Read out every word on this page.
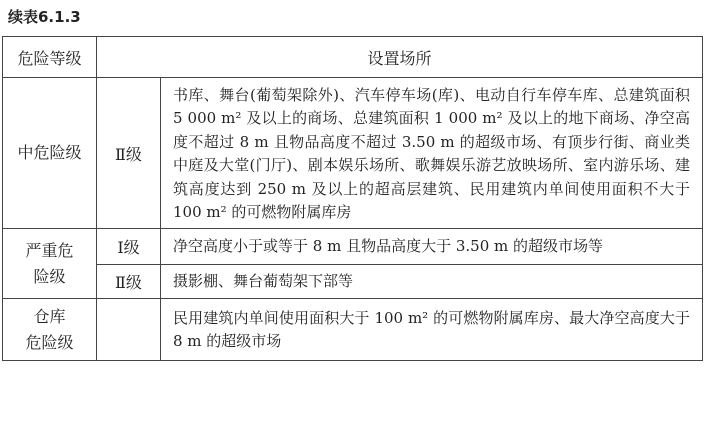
续表6.1.3
危险等级	设置场所	
中危险级	Ⅱ级	书库、舞台(葡萄架除外)、汽车停车场(库)、电动自行车停车库、总建筑面积 5 000 m² 及以上的商场、总建筑面积 1 000 m² 及以上的地下商场、净空高度不超过 8 m 且物品高度不超过 3.50 m 的超级市场、有顶步行街、商业类中庭及大堂(门厅)、剧本娱乐场所、歌舞娱乐游艺放映场所、室内游乐场、建筑高度达到 250 m 及以上的超高层建筑、民用建筑内单间使用面积不大于 100 m² 的可燃物附属库房

严重危
险级	Ⅰ级	净空高度小于或等于 8 m 且物品高度大于 3.50 m 的超级市场等
	Ⅱ级	摄影棚、舞台葡萄架下部等

仓库
危险级		民用建筑内单间使用面积大于 100 m² 的可燃物附属库房、最大净空高度大于 8 m 的超级市场
